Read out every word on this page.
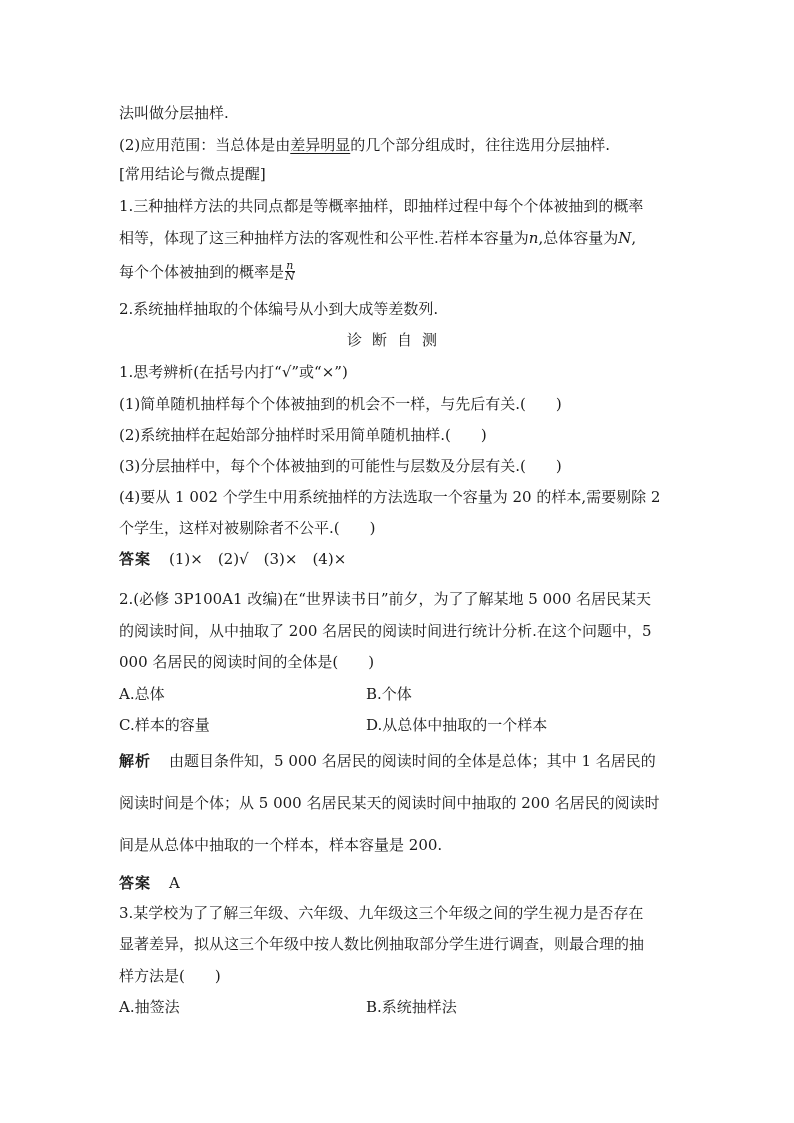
法叫做分层抽样.
(2)应用范围：当总体是由差异明显的几个部分组成时，往往选用分层抽样.
[常用结论与微点提醒]
1.三种抽样方法的共同点都是等概率抽样，即抽样过程中每个个体被抽到的概率
相等，体现了这三种抽样方法的客观性和公平性.若样本容量为n,总体容量为N,
每个个体被抽到的概率是 $\frac{n}{N}$
2.系统抽样抽取的个体编号从小到大成等差数列.
诊断自测
1.思考辨析(在括号内打“√”或“×”)
(1)简单随机抽样每个个体被抽到的机会不一样，与先后有关.(　　)
(2)系统抽样在起始部分抽样时采用简单随机抽样.(　　)
(3)分层抽样中，每个个体被抽到的可能性与层数及分层有关.(　　)
(4)要从 1 002 个学生中用系统抽样的方法选取一个容量为 20 的样本,需要剔除 2
个学生，这样对被剔除者不公平.(　　)
答案 (1)×　(2)√　(3)×　(4)×
2.(必修 3P100A1 改编)在“世界读书日”前夕，为了了解某地 5 000 名居民某天
的阅读时间，从中抽取了 200 名居民的阅读时间进行统计分析.在这个问题中，5
000 名居民的阅读时间的全体是(　　)
A.总体	B.个体
C.样本的容量	D.从总体中抽取的一个样本
解析 由题目条件知，5 000 名居民的阅读时间的全体是总体；其中 1 名居民的
阅读时间是个体；从 5 000 名居民某天的阅读时间中抽取的 200 名居民的阅读时
间是从总体中抽取的一个样本，样本容量是 200.
答案 A
3.某学校为了了解三年级、六年级、九年级这三个年级之间的学生视力是否存在
显著差异，拟从这三个年级中按人数比例抽取部分学生进行调查，则最合理的抽
样方法是(　　)
A.抽签法	B.系统抽样法
